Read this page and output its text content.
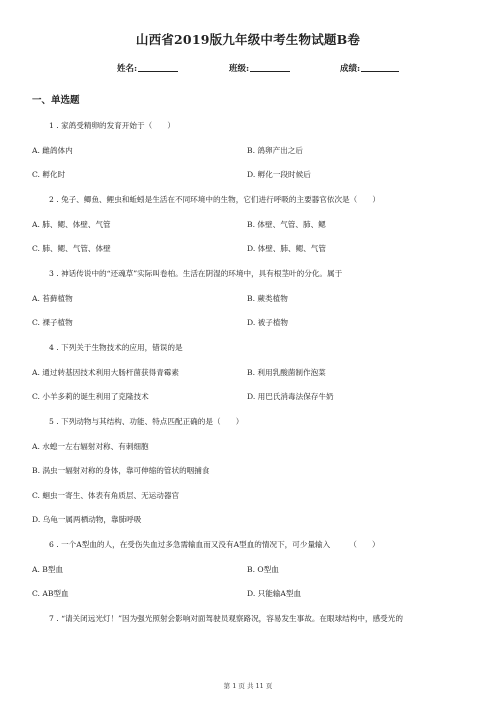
山西省2019版九年级中考生物试题B卷
姓名:	班级:	成绩:
一、单选题
1 . 家鸽受精卵的发育开始于（　　）
A. 雌鸽体内	B. 鸽卵产出之后
C. 孵化时	D. 孵化一段时候后
2 . 兔子、鲫鱼、鲤虫和蚯蚓是生活在不同环境中的生物，它们进行呼吸的主要器官依次是（　　）
A. 肺、鳃、体壁、气管	B. 体壁、气管、肺、鳃
C. 肺、鳃、气管、体壁	D. 体壁、肺、鳃、气管
3 . 神话传说中的“还魂草”实际叫卷柏。生活在阴湿的环境中，具有根茎叶的分化。属于
A. 苔藓植物	B. 蕨类植物
C. 裸子植物	D. 被子植物
4 . 下列关于生物技术的应用，错误的是
A. 通过转基因技术利用大肠杆菌获得青霉素	B. 利用乳酸菌制作泡菜
C. 小羊多莉的诞生利用了克隆技术	D. 用巴氏消毒法保存牛奶
5 . 下列动物与其结构、功能、特点匹配正确的是（　　）
A. 水螅一左右辐射对称、有刺细胞
B. 涡虫一辐射对称的身体，靠可伸缩的管状的咽捕食
C. 蛔虫一寄生、体表有角质层、无运动器官
D. 乌龟一属两栖动物，靠肺呼吸
6 . 一个A型血的人，在受伤失血过多急需输血而又没有A型血的情况下，可少量输入　　　（　　）
A. B型血	B. O型血
C. AB型血	D. 只能输A型血
7 . “请关闭远光灯！”因为强光照射会影响对面驾驶员观察路况，容易发生事故。在眼球结构中，感受光的
第 1 页 共 11 页
